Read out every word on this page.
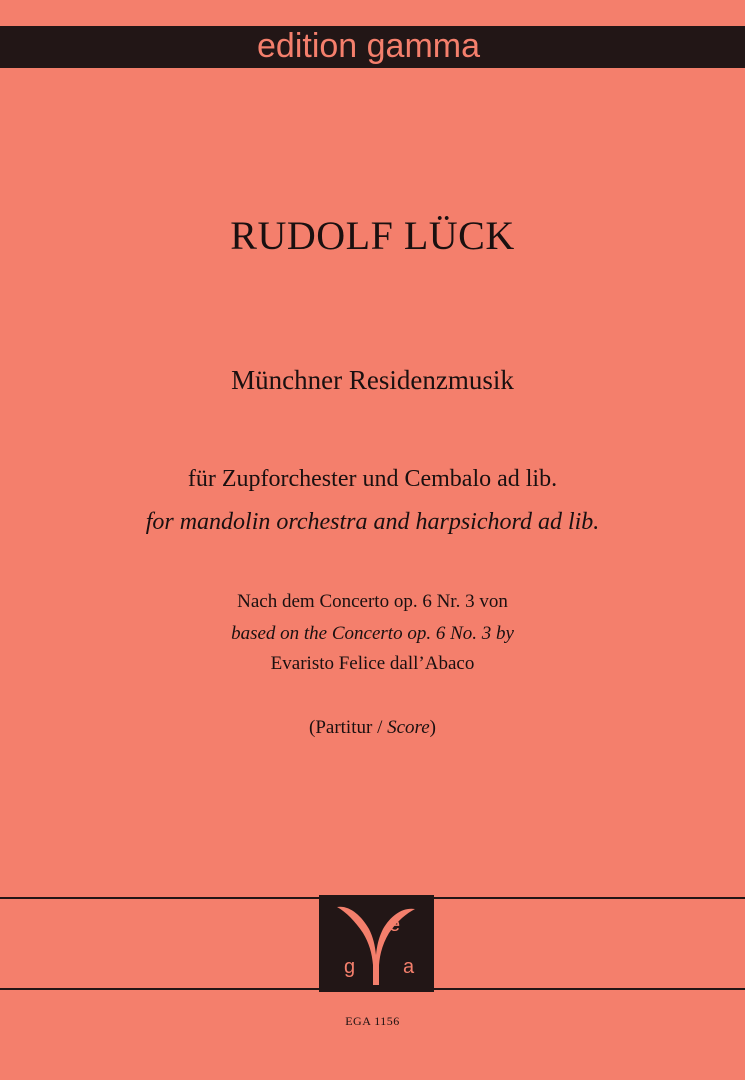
edition gamma
RUDOLF LÜCK
Münchner Residenzmusik
für Zupforchester und Cembalo ad lib.
for mandolin orchestra and harpsichord ad lib.
Nach dem Concerto op. 6 Nr. 3 von
based on the Concerto op. 6 No. 3 by
Evaristo Felice dall’Abaco
(Partitur / Score)
e
g a
EGA 1156
